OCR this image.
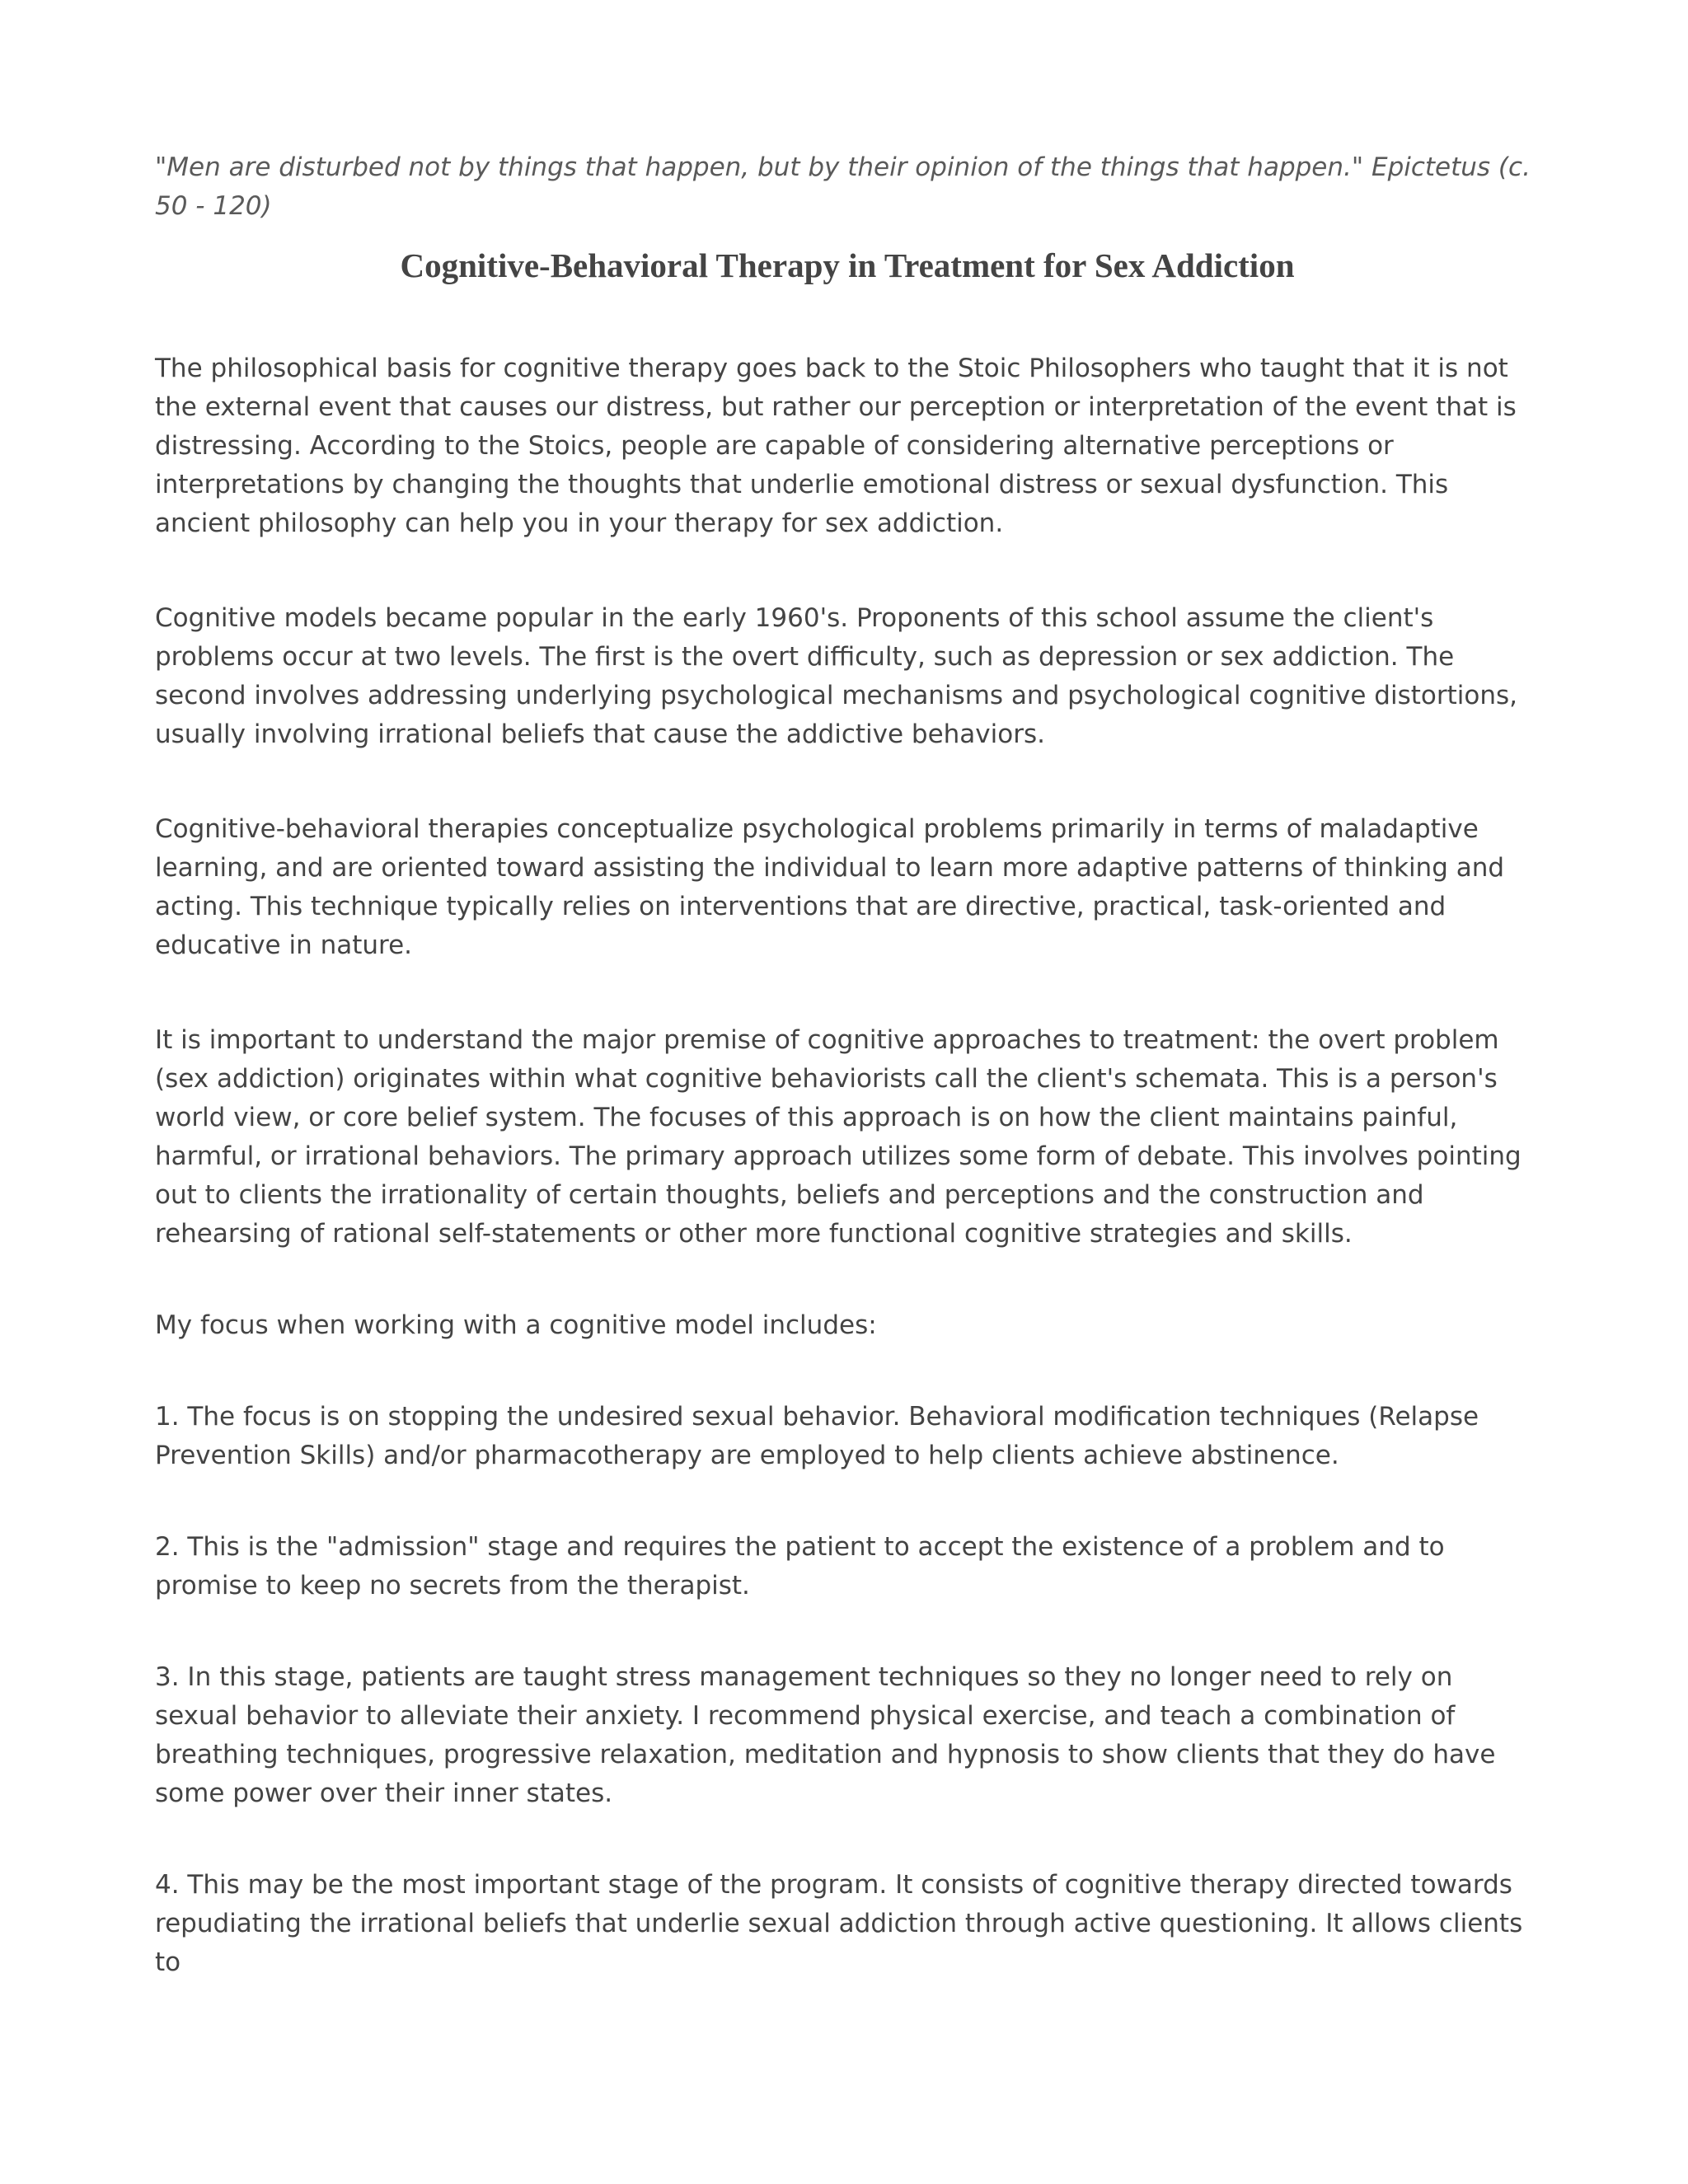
"Men are disturbed not by things that happen, but by their opinion of the things that happen." Epictetus (c. 50 - 120)

Cognitive-Behavioral Therapy in Treatment for Sex Addiction

The philosophical basis for cognitive therapy goes back to the Stoic Philosophers who taught that it is not the external event that causes our distress, but rather our perception or interpretation of the event that is distressing. According to the Stoics, people are capable of considering alternative perceptions or interpretations by changing the thoughts that underlie emotional distress or sexual dysfunction. This ancient philosophy can help you in your therapy for sex addiction.

Cognitive models became popular in the early 1960's. Proponents of this school assume the client's problems occur at two levels. The first is the overt difficulty, such as depression or sex addiction. The second involves addressing underlying psychological mechanisms and psychological cognitive distortions, usually involving irrational beliefs that cause the addictive behaviors.

Cognitive-behavioral therapies conceptualize psychological problems primarily in terms of maladaptive learning, and are oriented toward assisting the individual to learn more adaptive patterns of thinking and acting. This technique typically relies on interventions that are directive, practical, task-oriented and educative in nature.

It is important to understand the major premise of cognitive approaches to treatment: the overt problem (sex addiction) originates within what cognitive behaviorists call the client's schemata. This is a person's world view, or core belief system. The focuses of this approach is on how the client maintains painful, harmful, or irrational behaviors. The primary approach utilizes some form of debate. This involves pointing out to clients the irrationality of certain thoughts, beliefs and perceptions and the construction and rehearsing of rational self-statements or other more functional cognitive strategies and skills.

My focus when working with a cognitive model includes:

1. The focus is on stopping the undesired sexual behavior. Behavioral modification techniques (Relapse Prevention Skills) and/or pharmacotherapy are employed to help clients achieve abstinence.

2. This is the "admission" stage and requires the patient to accept the existence of a problem and to promise to keep no secrets from the therapist.

3. In this stage, patients are taught stress management techniques so they no longer need to rely on sexual behavior to alleviate their anxiety. I recommend physical exercise, and teach a combination of breathing techniques, progressive relaxation, meditation and hypnosis to show clients that they do have some power over their inner states.

4. This may be the most important stage of the program. It consists of cognitive therapy directed towards repudiating the irrational beliefs that underlie sexual addiction through active questioning. It allows clients to
